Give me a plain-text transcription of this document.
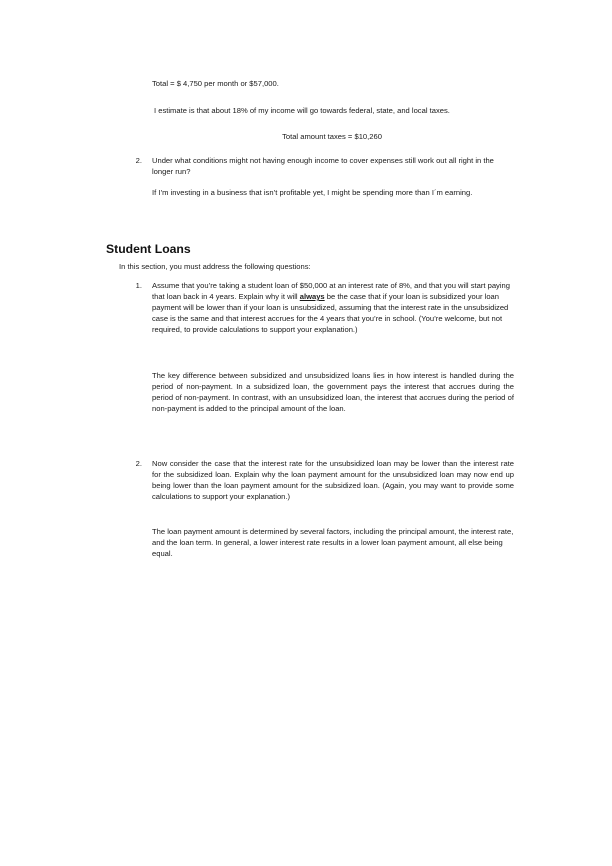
Total = $ 4,750 per month or $57,000.

I estimate is that about 18% of my income will go towards federal, state, and local taxes.

Total amount taxes = $10,260

2. Under what conditions might not having enough income to cover expenses still work out all right in the longer run?

If I’m investing in a business that isn’t profitable yet, I might be spending more than I´m earning.

Student Loans

In this section, you must address the following questions:

1. Assume that you’re taking a student loan of $50,000 at an interest rate of 8%, and that you will start paying that loan back in 4 years. Explain why it will always be the case that if your loan is subsidized your loan payment will be lower than if your loan is unsubsidized, assuming that the interest rate in the unsubsidized case is the same and that interest accrues for the 4 years that you’re in school. (You’re welcome, but not required, to provide calculations to support your explanation.)

The key difference between subsidized and unsubsidized loans lies in how interest is handled during the period of non-payment. In a subsidized loan, the government pays the interest that accrues during the period of non-payment. In contrast, with an unsubsidized loan, the interest that accrues during the period of non-payment is added to the principal amount of the loan.

2. Now consider the case that the interest rate for the unsubsidized loan may be lower than the interest rate for the subsidized loan. Explain why the loan payment amount for the unsubsidized loan may now end up being lower than the loan payment amount for the subsidized loan. (Again, you may want to provide some calculations to support your explanation.)

The loan payment amount is determined by several factors, including the principal amount, the interest rate, and the loan term. In general, a lower interest rate results in a lower loan payment amount, all else being equal.
